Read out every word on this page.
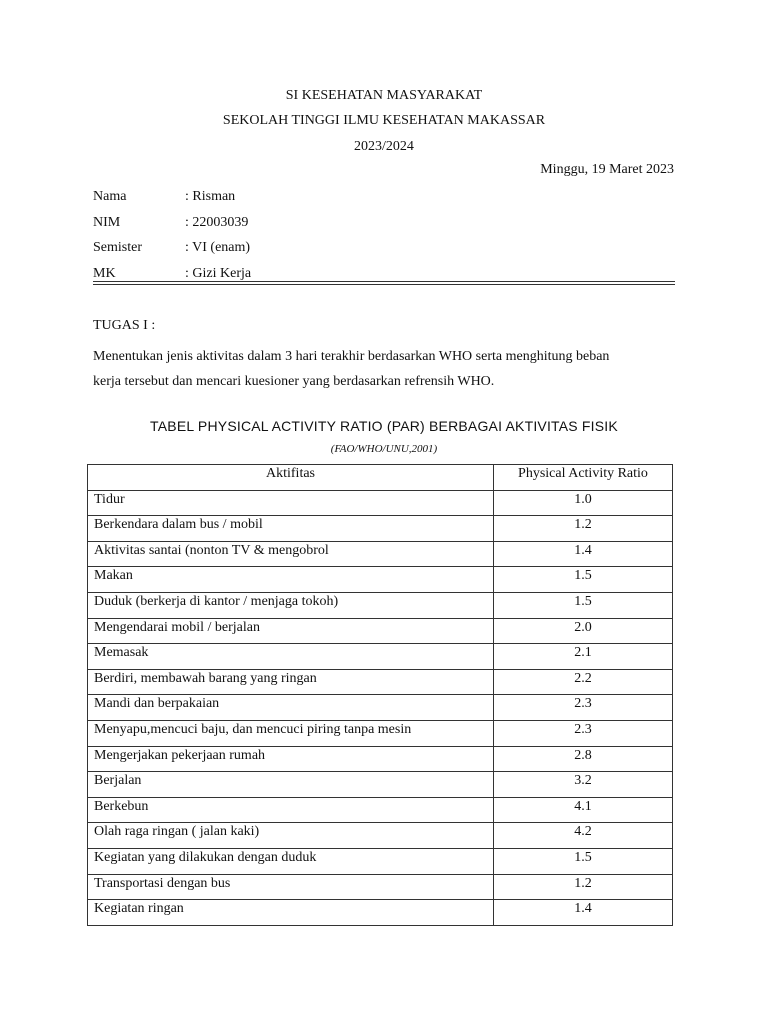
SI KESEHATAN MASYARAKAT
SEKOLAH TINGGI ILMU KESEHATAN MAKASSAR
2023/2024
Minggu, 19 Maret 2023
Nama	: Risman
NIM	: 22003039
Semister	: VI (enam)
MK	: Gizi Kerja
TUGAS I :
Menentukan jenis aktivitas dalam 3 hari terakhir berdasarkan WHO serta menghitung beban
kerja tersebut dan mencari kuesioner yang berdasarkan refrensih WHO.
TABEL PHYSICAL ACTIVITY RATIO (PAR) BERBAGAI AKTIVITAS FISIK
(FAO/WHO/UNU,2001)
Aktifitas	Physical Activity Ratio
Tidur	1.0
Berkendara dalam bus / mobil	1.2
Aktivitas santai (nonton TV & mengobrol	1.4
Makan	1.5
Duduk (berkerja di kantor / menjaga tokoh)	1.5
Mengendarai mobil / berjalan	2.0
Memasak	2.1
Berdiri, membawah barang yang ringan	2.2
Mandi dan berpakaian	2.3
Menyapu,mencuci baju, dan mencuci piring tanpa mesin	2.3
Mengerjakan pekerjaan rumah	2.8
Berjalan	3.2
Berkebun	4.1
Olah raga ringan ( jalan kaki)	4.2
Kegiatan yang dilakukan dengan duduk	1.5
Transportasi dengan bus	1.2
Kegiatan ringan	1.4
